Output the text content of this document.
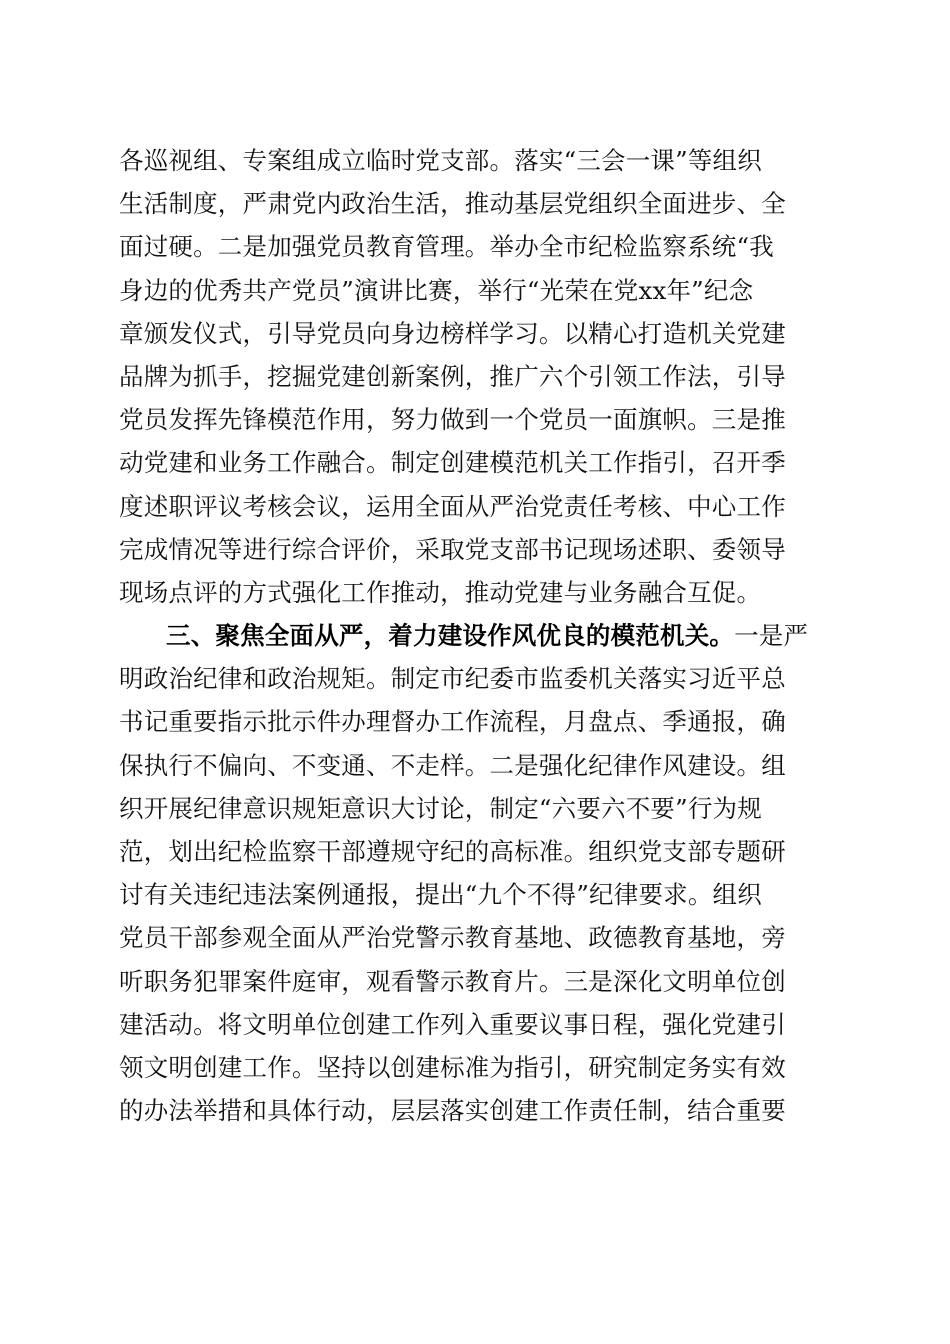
各巡视组、专案组成立临时党支部。落实“三会一课”等组织
生活制度，严肃党内政治生活，推动基层党组织全面进步、全
面过硬。二是加强党员教育管理。举办全市纪检监察系统“我
身边的优秀共产党员”演讲比赛，举行“光荣在党xx年”纪念
章颁发仪式，引导党员向身边榜样学习。以精心打造机关党建
品牌为抓手，挖掘党建创新案例，推广六个引领工作法，引导
党员发挥先锋模范作用，努力做到一个党员一面旗帜。三是推
动党建和业务工作融合。制定创建模范机关工作指引，召开季
度述职评议考核会议，运用全面从严治党责任考核、中心工作
完成情况等进行综合评价，采取党支部书记现场述职、委领导
现场点评的方式强化工作推动，推动党建与业务融合互促。
三、聚焦全面从严，着力建设作风优良的模范机关。一是严
明政治纪律和政治规矩。制定市纪委市监委机关落实习近平总
书记重要指示批示件办理督办工作流程，月盘点、季通报，确
保执行不偏向、不变通、不走样。二是强化纪律作风建设。组
织开展纪律意识规矩意识大讨论，制定“六要六不要”行为规
范，划出纪检监察干部遵规守纪的高标准。组织党支部专题研
讨有关违纪违法案例通报，提出“九个不得”纪律要求。组织
党员干部参观全面从严治党警示教育基地、政德教育基地，旁
听职务犯罪案件庭审，观看警示教育片。三是深化文明单位创
建活动。将文明单位创建工作列入重要议事日程，强化党建引
领文明创建工作。坚持以创建标准为指引，研究制定务实有效
的办法举措和具体行动，层层落实创建工作责任制，结合重要
